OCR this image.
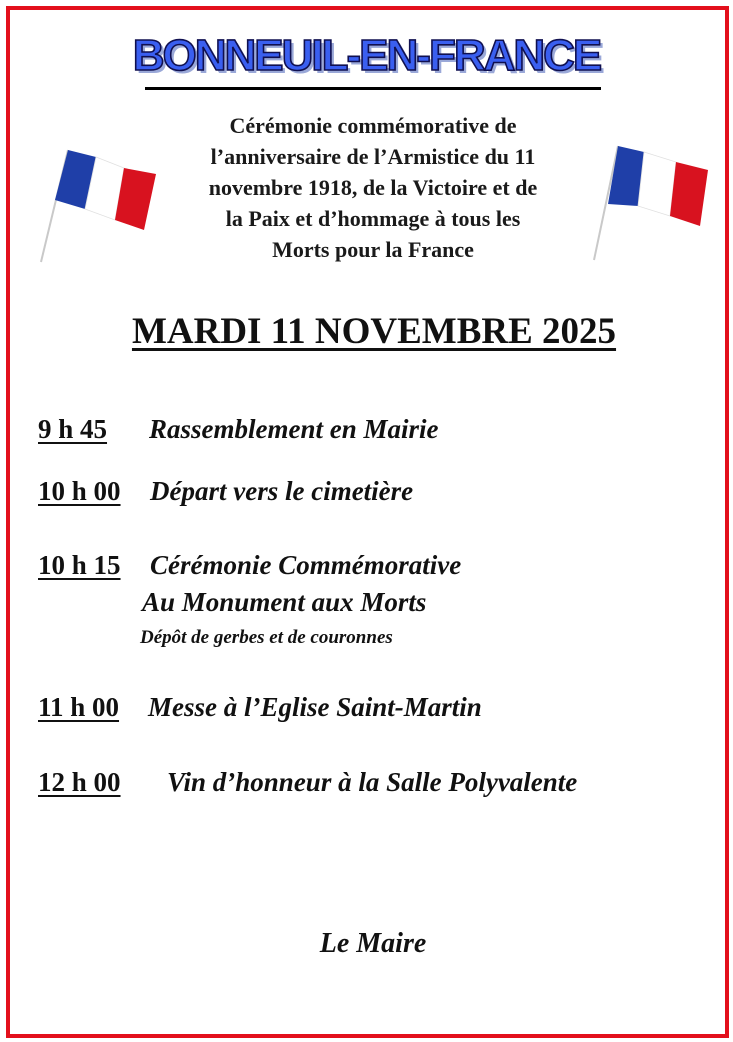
BONNEUIL-EN-FRANCE

Cérémonie commémorative de
l’anniversaire de l’Armistice du 11
novembre 1918, de la Victoire et de
la Paix et d’hommage à tous les
Morts pour la France

MARDI 11 NOVEMBRE 2025
9 h 45 Rassemblement en Mairie
10 h 00 Départ vers le cimetière
10 h 15 Cérémonie Commémorative
Au Monument aux Morts
Dépôt de gerbes et de couronnes
11 h 00 Messe à l’Eglise Saint-Martin
12 h 00 Vin d’honneur à la Salle Polyvalente
Le Maire
